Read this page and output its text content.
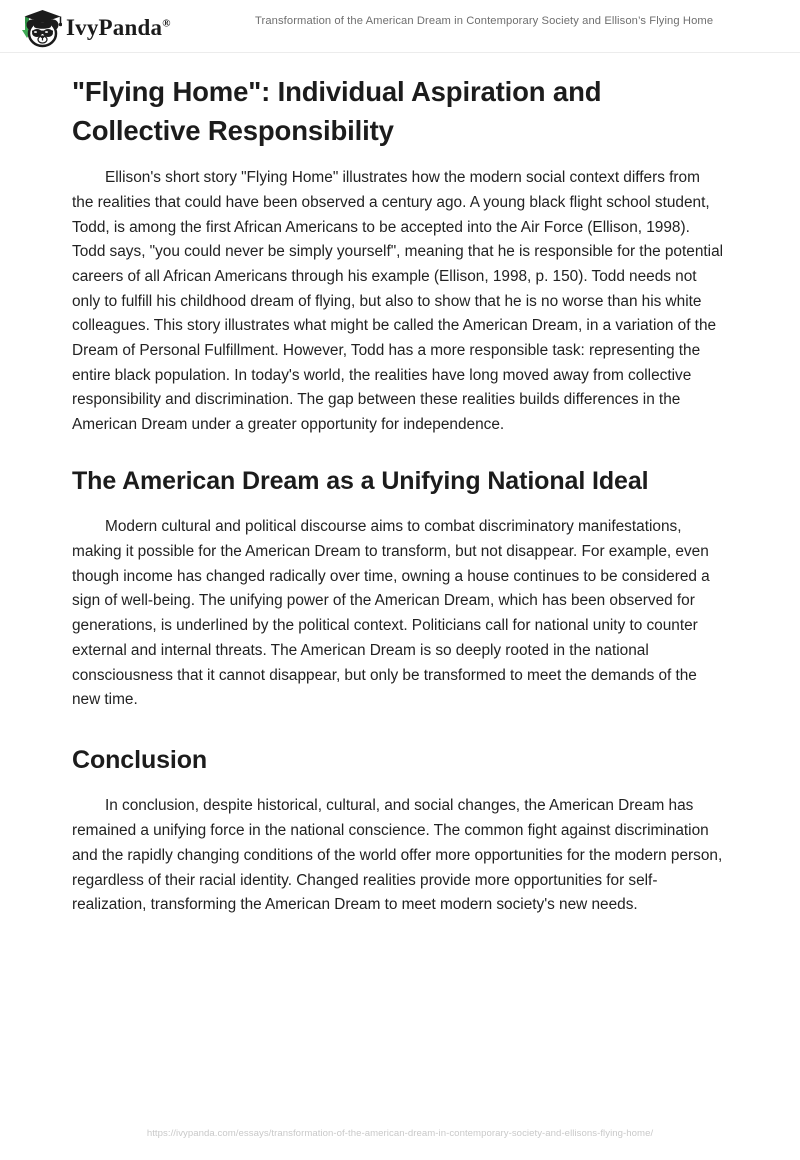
IvyPanda®	Transformation of the American Dream in Contemporary Society and Ellison’s Flying Home
"Flying Home": Individual Aspiration and Collective Responsibility

Ellison's short story "Flying Home" illustrates how the modern social context differs from the realities that could have been observed a century ago. A young black flight school student, Todd, is among the first African Americans to be accepted into the Air Force (Ellison, 1998). Todd says, "you could never be simply yourself", meaning that he is responsible for the potential careers of all African Americans through his example (Ellison, 1998, p. 150). Todd needs not only to fulfill his childhood dream of flying, but also to show that he is no worse than his white colleagues. This story illustrates what might be called the American Dream, in a variation of the Dream of Personal Fulfillment. However, Todd has a more responsible task: representing the entire black population. In today's world, the realities have long moved away from collective responsibility and discrimination. The gap between these realities builds differences in the American Dream under a greater opportunity for independence.

The American Dream as a Unifying National Ideal

Modern cultural and political discourse aims to combat discriminatory manifestations, making it possible for the American Dream to transform, but not disappear. For example, even though income has changed radically over time, owning a house continues to be considered a sign of well-being. The unifying power of the American Dream, which has been observed for generations, is underlined by the political context. Politicians call for national unity to counter external and internal threats. The American Dream is so deeply rooted in the national consciousness that it cannot disappear, but only be transformed to meet the demands of the new time.

Conclusion

In conclusion, despite historical, cultural, and social changes, the American Dream has remained a unifying force in the national conscience. The common fight against discrimination and the rapidly changing conditions of the world offer more opportunities for the modern person, regardless of their racial identity. Changed realities provide more opportunities for self-realization, transforming the American Dream to meet modern society's new needs.

https://ivypanda.com/essays/transformation-of-the-american-dream-in-contemporary-society-and-ellisons-flying-home/
